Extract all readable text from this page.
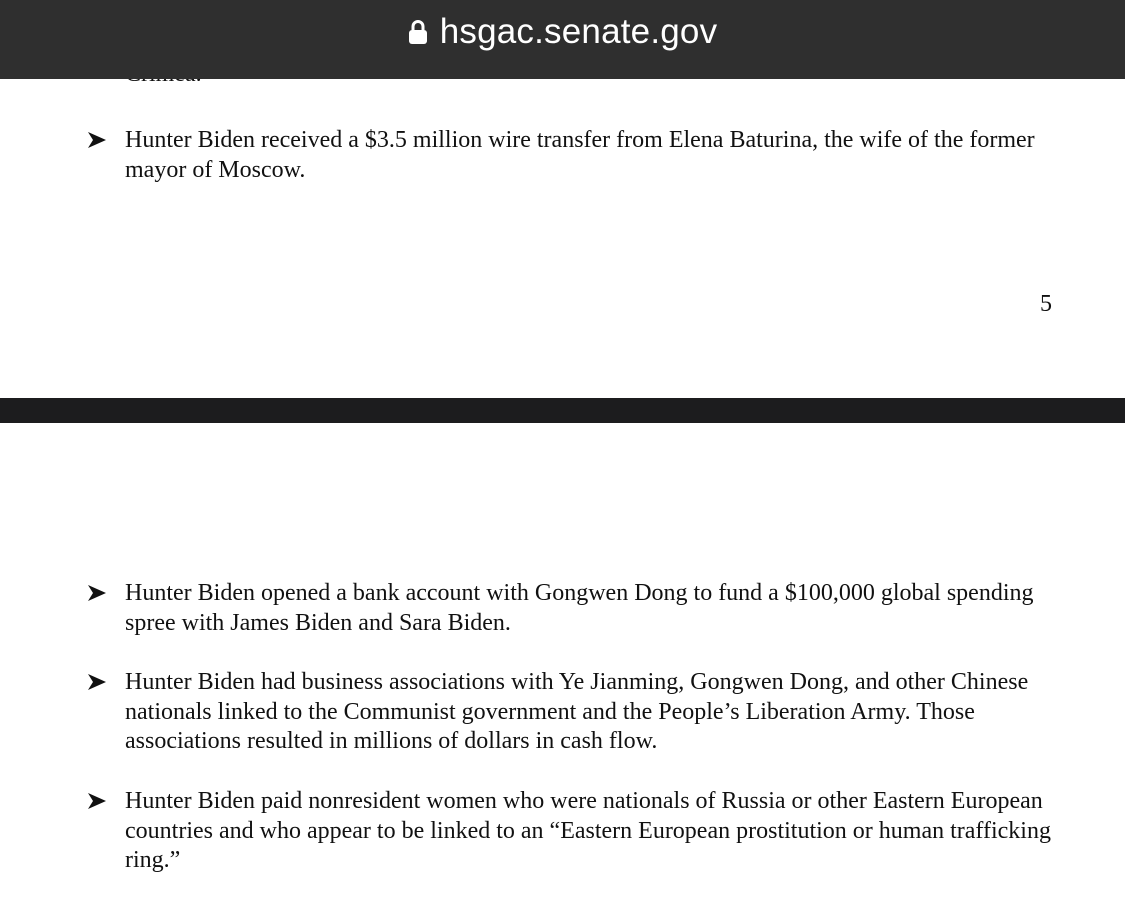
hsgac.senate.gov

Hunter Biden received a $3.5 million wire transfer from Elena Baturina, the wife of the former mayor of Moscow.

5

Hunter Biden opened a bank account with Gongwen Dong to fund a $100,000 global spending spree with James Biden and Sara Biden.

Hunter Biden had business associations with Ye Jianming, Gongwen Dong, and other Chinese nationals linked to the Communist government and the People’s Liberation Army. Those associations resulted in millions of dollars in cash flow.

Hunter Biden paid nonresident women who were nationals of Russia or other Eastern European countries and who appear to be linked to an “Eastern European prostitution or human trafficking ring.”
